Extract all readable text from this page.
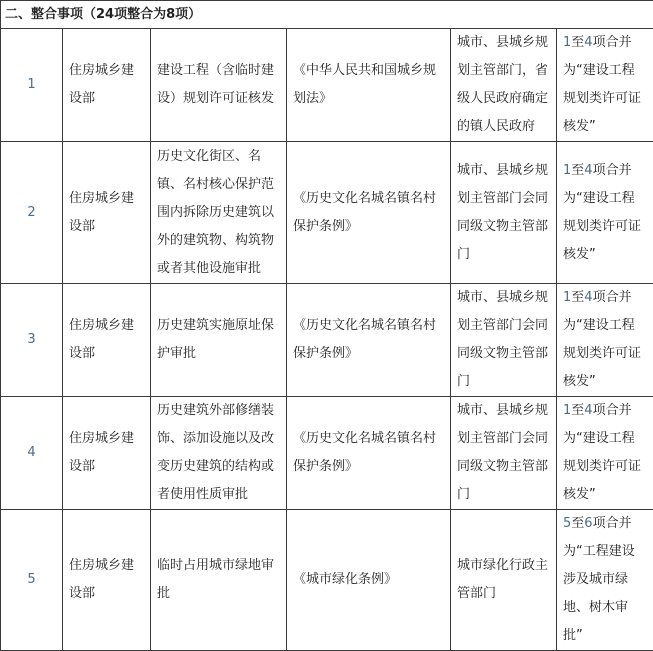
二、整合事项（24项整合为8项）					
1	住房城乡建设部	建设工程（含临时建设）规划许可证核发	《中华人民共和国城乡规划法》	城市、县城乡规划主管部门，省级人民政府确定的镇人民政府	1至4项合并为“建设工程规划类许可证核发”
2	住房城乡建设部	历史文化街区、名镇、名村核心保护范围内拆除历史建筑以外的建筑物、构筑物或者其他设施审批	《历史文化名城名镇名村保护条例》	城市、县城乡规划主管部门会同同级文物主管部门	1至4项合并为“建设工程规划类许可证核发”
3	住房城乡建设部	历史建筑实施原址保护审批	《历史文化名城名镇名村保护条例》	城市、县城乡规划主管部门会同同级文物主管部门	1至4项合并为“建设工程规划类许可证核发”
4	住房城乡建设部	历史建筑外部修缮装饰、添加设施以及改变历史建筑的结构或者使用性质审批	《历史文化名城名镇名村保护条例》	城市、县城乡规划主管部门会同同级文物主管部门	1至4项合并为“建设工程规划类许可证核发”
5	住房城乡建设部	临时占用城市绿地审批	《城市绿化条例》	城市绿化行政主管部门	5至6项合并为“工程建设涉及城市绿地、树木审批”
